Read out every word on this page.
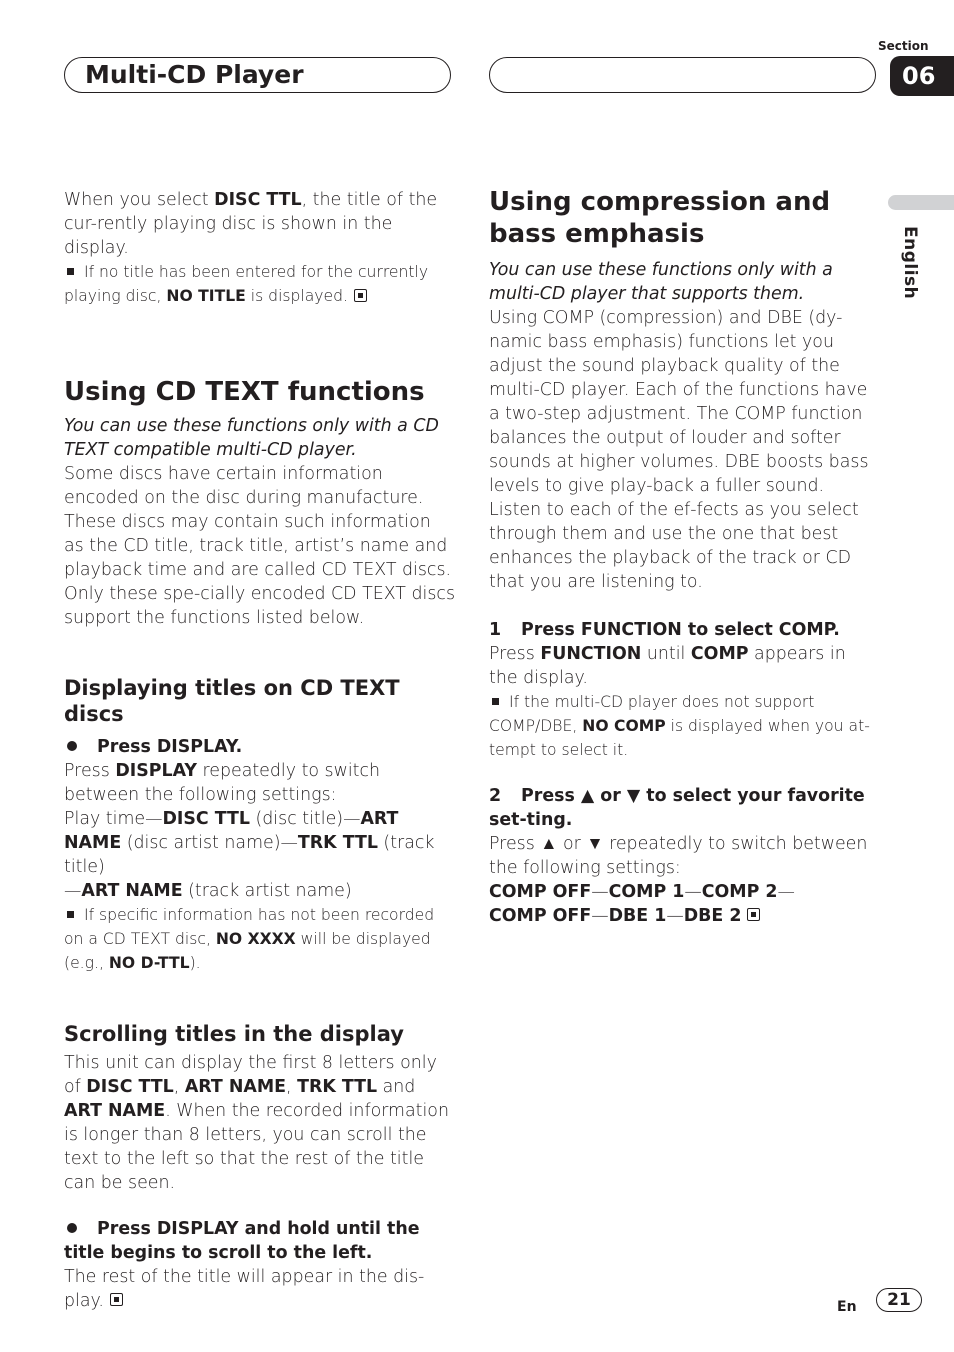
Multi-CD Player
Section
06
English

When you select DISC TTL, the title of the cur-rently playing disc is shown in the display.

If no title has been entered for the currently playing disc, NO TITLE is displayed.

Using CD TEXT functions

You can use these functions only with a CD TEXT compatible multi-CD player.

Some discs have certain information encoded on the disc during manufacture. These discs may contain such information as the CD title, track title, artist’s name and playback time and are called CD TEXT discs. Only these spe-cially encoded CD TEXT discs support the functions listed below.

Displaying titles on CD TEXT discs

Press DISPLAY.

Press DISPLAY repeatedly to switch between the following settings:

Play time—DISC TTL (disc title)—ART NAME (disc artist name)—TRK TTL (track title)
—ART NAME (track artist name)

If specific information has not been recorded on a CD TEXT disc, NO XXXX will be displayed (e.g., NO D-TTL).

Scrolling titles in the display

This unit can display the first 8 letters only of DISC TTL, ART NAME, TRK TTL and ART NAME. When the recorded information is longer than 8 letters, you can scroll the text to the left so that the rest of the title can be seen.

Press DISPLAY and hold until the title begins to scroll to the left.

The rest of the title will appear in the dis-play.

Using compression and bass emphasis

You can use these functions only with a multi-CD player that supports them.

Using COMP (compression) and DBE (dy-namic bass emphasis) functions let you adjust the sound playback quality of the multi-CD player. Each of the functions have a two-step adjustment. The COMP function balances the output of louder and softer sounds at higher volumes. DBE boosts bass levels to give play-back a fuller sound. Listen to each of the ef-fects as you select through them and use the one that best enhances the playback of the track or CD that you are listening to.

1 Press FUNCTION to select COMP.

Press FUNCTION until COMP appears in the display.

If the multi-CD player does not support COMP/DBE, NO COMP is displayed when you at-tempt to select it.

2 Press ▲ or ▼ to select your favorite set-ting.

Press ▲ or ▼ repeatedly to switch between the following settings:

COMP OFF—COMP 1—COMP 2—
COMP OFF—DBE 1—DBE 2

En 21
